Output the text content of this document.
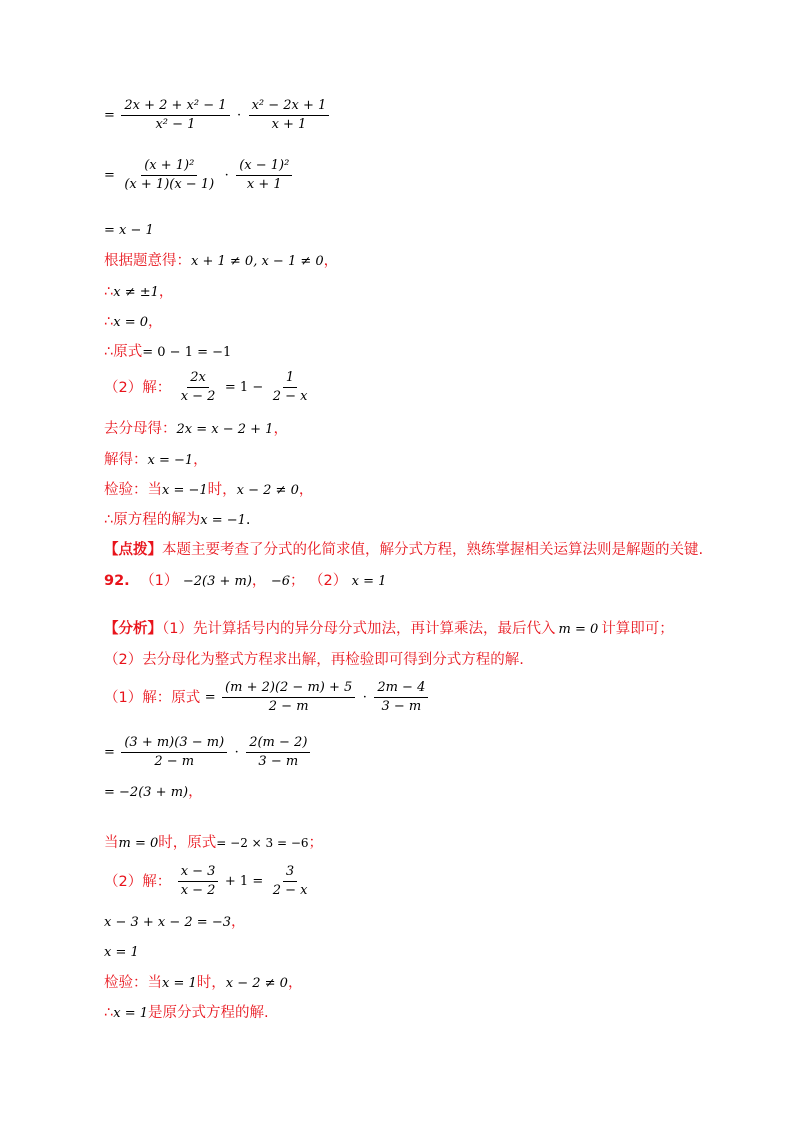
= $\frac{\text{2x + 2 + x² − 1}}{\text{x² − 1}} \cdot \frac{\text{x² − 2x + 1}}{x + 1}$
= $\frac{\text{(x + 1)²}}{(x + 1)(x - 1)} \cdot \frac{\text{(x − 1)²}}{x + 1}$
= x − 1
根据题意得：x + 1 ≠ 0, x − 1 ≠ 0，
∴x ≠ ±1，
∴x = 0，
∴原式= 0 − 1 = −1
（2）解： $\frac{2x}{x - 2} = 1 - \frac{1}{2 - x}$
去分母得：2x = x − 2 + 1，
解得：x = −1，
检验：当x = −1时，x − 2 ≠ 0，
∴原方程的解为x = −1.
【点拨】本题主要考查了分式的化简求值，解分式方程，熟练掌握相关运算法则是解题的关键.
92. （1） −2(3 + m)， −6； （2） x = 1
【分析】（1）先计算括号内的异分母分式加法，再计算乘法，最后代入 m = 0 计算即可；
（2）去分母化为整式方程求出解，再检验即可得到分式方程的解.
（1）解：原式 = $\frac{(m + 2)(2 - m) + 5}{2 - m} \cdot \frac{2m - 4}{3 - m}$
= $\frac{(3 + m)(3 - m)}{2 - m} \cdot \frac{2(m - 2)}{3 - m}$
= −2(3 + m)，
当m = 0时，原式= −2 × 3 = −6；
（2）解： $\frac{x - 3}{x - 2} + 1 = \frac{3}{2 - x}$
x − 3 + x − 2 = −3，
x = 1
检验：当x = 1时，x − 2 ≠ 0，
∴x = 1是原分式方程的解.
